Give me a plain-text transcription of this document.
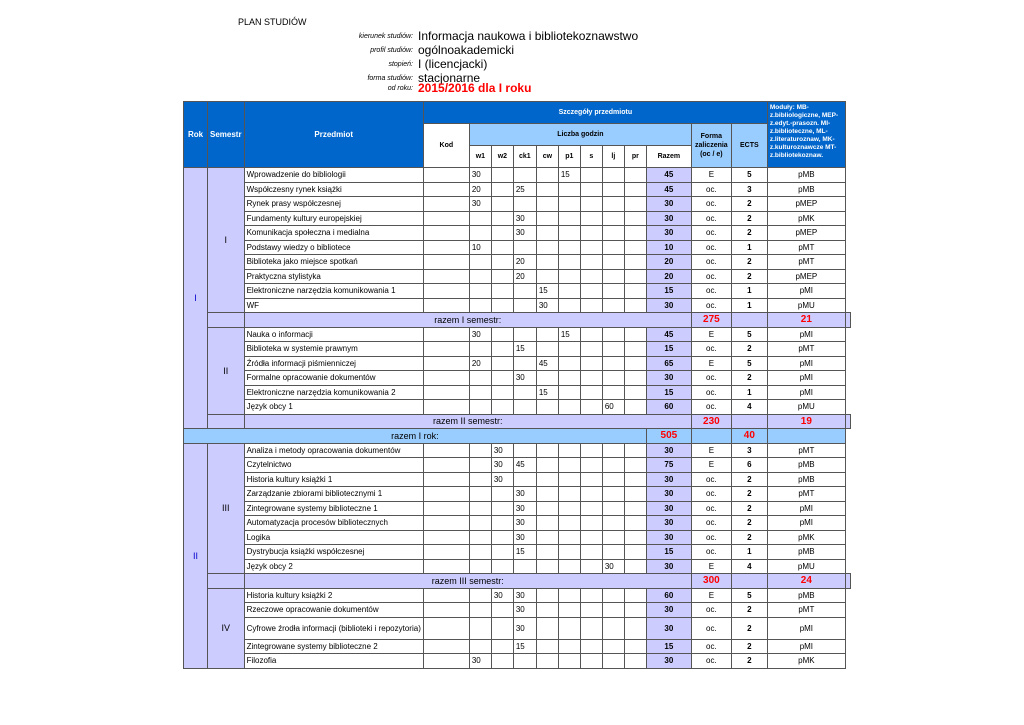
PLAN STUDIÓW
kierunek studiów: Informacja naukowa i bibliotekoznawstwo
profil studiów: ogólnoakademicki
stopień: I (licencjacki)
forma studiów: stacjonarne
od roku: 2015/2016 dla I roku
Rok	Semestr	Przedmiot	Szczegóły przedmiotu												Moduły: MB-z.bibliologiczne, MEP-z.edyt.-prasozn. MI-z.biblioteczne, ML-z.literaturoznaw, MK-z.kulturoznawcze MT-z.bibliotekoznaw.	
			Kod	Liczba godzin									Forma zaliczenia (oc / e)	ECTS		
				w1	w2	ck1	cw	p1	s	lj	pr	Razem				
I	I	Wprowadzenie do bibliologii		30				15				45	E	5	pMB	
		Współczesny rynek książki		20		25						45	oc.	3	pMB	
		Rynek prasy współczesnej		30								30	oc.	2	pMEP	
		Fundamenty kultury europejskiej				30						30	oc.	2	pMK	
		Komunikacja społeczna i medialna				30						30	oc.	2	pMEP	
		Podstawy wiedzy o bibliotece		10								10	oc.	1	pMT	
		Biblioteka jako miejsce spotkań				20						20	oc.	2	pMT	
		Praktyczna stylistyka				20						20	oc.	2	pMEP	
		Elektroniczne narzędzia komunikowania 1					15					15	oc.	1	pMI	
		WF					30					30	oc.	1	pMU	
		razem I semestr:											275		21	
	II	Nauka o informacji		30				15				45	E	5	pMI	
		Biblioteka w systemie prawnym				15						15	oc.	2	pMT	
		Źródła informacji piśmienniczej		20			45					65	E	5	pMI	
		Formalne opracowanie dokumentów				30						30	oc.	2	pMI	
		Elektroniczne narzędzia komunikowania 2					15					15	oc.	1	pMI	
		Język obcy 1								60		60	oc.	4	pMU	
		razem II semestr:											230		19	
razem I rok:												505		40		
II	III	Analiza i metody opracowania dokumentów			30							30	E	3	pMT	
		Czytelnictwo			30	45						75	E	6	pMB	
		Historia kultury książki 1			30							30	oc.	2	pMB	
		Zarządzanie zbiorami bibliotecznymi 1				30						30	oc.	2	pMT	
		Zintegrowane systemy biblioteczne 1				30						30	oc.	2	pMI	
		Automatyzacja procesów bibliotecznych				30						30	oc.	2	pMI	
		Logika				30						30	oc.	2	pMK	
		Dystrybucja książki współczesnej				15						15	oc.	1	pMB	
		Język obcy 2								30		30	E	4	pMU	
		razem III semestr:											300		24	
	IV	Historia kultury książki 2			30	30						60	E	5	pMB	
		Rzeczowe opracowanie dokumentów				30						30	oc.	2	pMT	
		Cyfrowe źrodła informacji (biblioteki i repozytoria)				30						30	oc.	2	pMI	
		Zintegrowane systemy biblioteczne 2				15						15	oc.	2	pMI	
		Filozofia		30								30	oc.	2	pMK	
